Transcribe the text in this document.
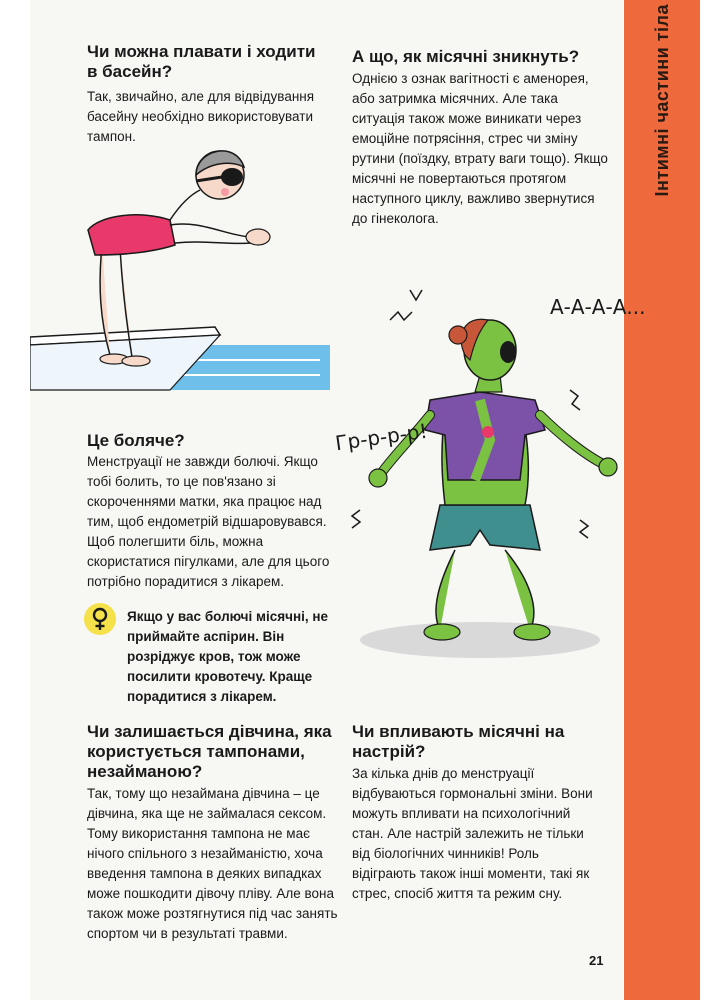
Інтимні частини тіла
Чи можна плавати і ходити в басейн?

Так, звичайно, але для відвідування басейну необхідно використовувати тампон.

А що, як місячні зникнуть?

Однією з ознак вагітності є аменорея, або затримка місячних. Але така ситуація також може виникати через емоційне потрясіння, стрес чи зміну рутини (поїздку, втрату ваги тощо). Якщо місячні не повертаються протягом наступного циклу, важливо звернутися до гінеколога.

Це боляче?

Менструації не завжди болючі. Якщо тобі болить, то це пов'язано зі скороченнями матки, яка працює над тим, щоб ендометрій відшаровувався. Щоб полегшити біль, можна скористатися пігулками, але для цього потрібно порадитися з лікарем.

Якщо у вас болючі місячні, не приймайте аспірин. Він розріджує кров, тож може посилити кровотечу. Краще порадитися з лікарем.

Чи залишається дівчина, яка користується тампонами, незайманою?

Так, тому що незаймана дівчина – це дівчина, яка ще не займалася сексом. Тому використання тампона не має нічого спільного з незайманістю, хоча введення тампона в деяких випадках може пошкодити дівочу пліву. Але вона також може розтягнутися під час занять спортом чи в результаті травми.

Чи впливають місячні на настрій?

За кілька днів до менструації відбуваються гормональні зміни. Вони можуть впливати на психологічний стан. Але настрій залежить не тільки від біологічних чинників! Роль відіграють також інші моменти, такі як стрес, спосіб життя та режим сну.

21
А-А-А-А...
Гр-р-р-р!
